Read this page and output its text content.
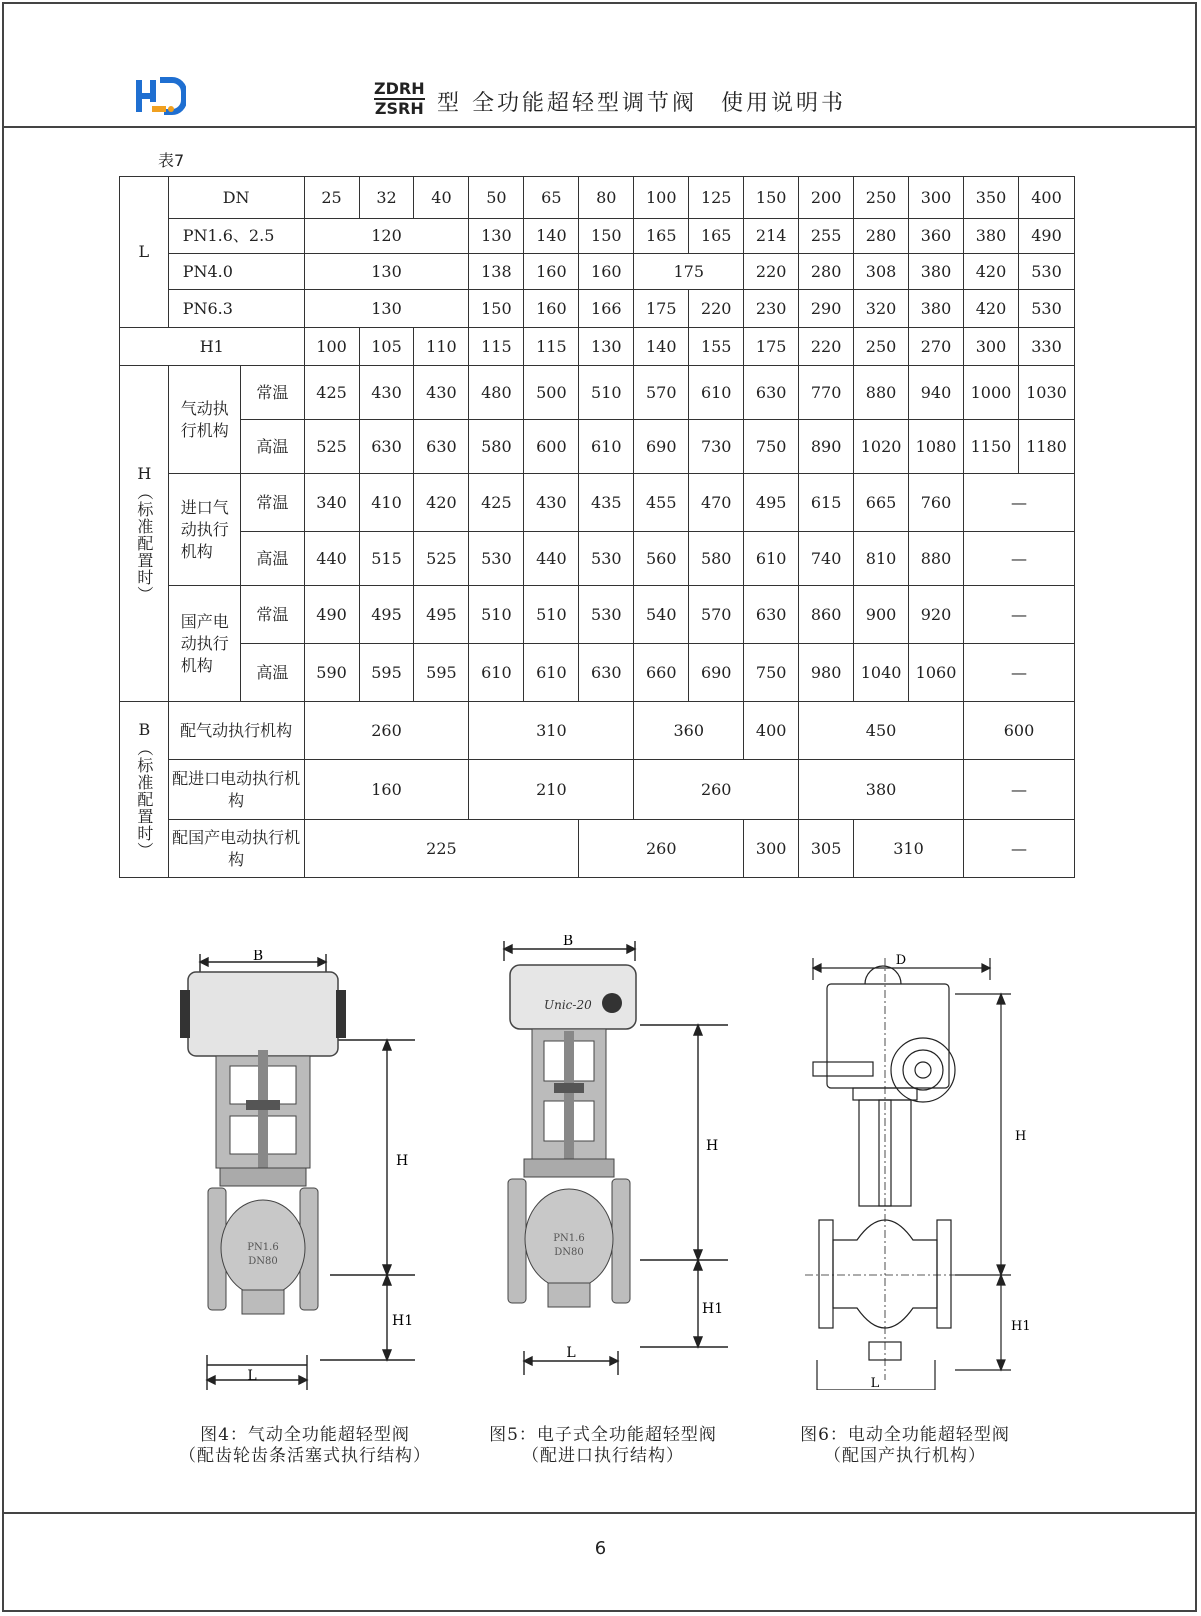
ZDRH
ZSRH 型 全功能超轻型调节阀 使用说明书
表7
L	DN		25	32	40	50	65	80	100	125	150	200	250	300	350	400
	PN1.6、2.5		120			130	140	150	165	165	214	255	280	360	380	490
	PN4.0		130			138	160	160	175		220	280	308	380	420	530
	PN6.3		130			150	160	166	175	220	230	290	320	380	420	530
H1			100	105	110	115	115	130	140	155	175	220	250	270	300	330
H（标准配置时）	气动执行机构	常温	425	430	430	480	500	510	570	610	630	770	880	940	1000	1030
		高温	525	630	630	580	600	610	690	730	750	890	1020	1080	1150	1180
	进口气动执行机构	常温	340	410	420	425	430	435	455	470	495	615	665	760	—	
		高温	440	515	525	530	440	530	560	580	610	740	810	880	—	
	国产电动执行机构	常温	490	495	495	510	510	530	540	570	630	860	900	920	—	
		高温	590	595	595	610	610	630	660	690	750	980	1040	1060	—	
B（标准配置时）	配气动执行机构		260			310			360		400	450			600	
	配进口电动执行机构		160			210			260			380			—	
	配国产电动执行机构		225					260			300	305	310		—	
B
H
H1
L
PN1.6
DN80
B
H
H1
L
Unic-20
PN1.6
DN80
D
H
H1
L
图4：气动全功能超轻型阀
（配齿轮齿条活塞式执行结构）
图5：电子式全功能超轻型阀
（配进口执行结构）
图6：电动全功能超轻型阀
（配国产执行机构）
6
